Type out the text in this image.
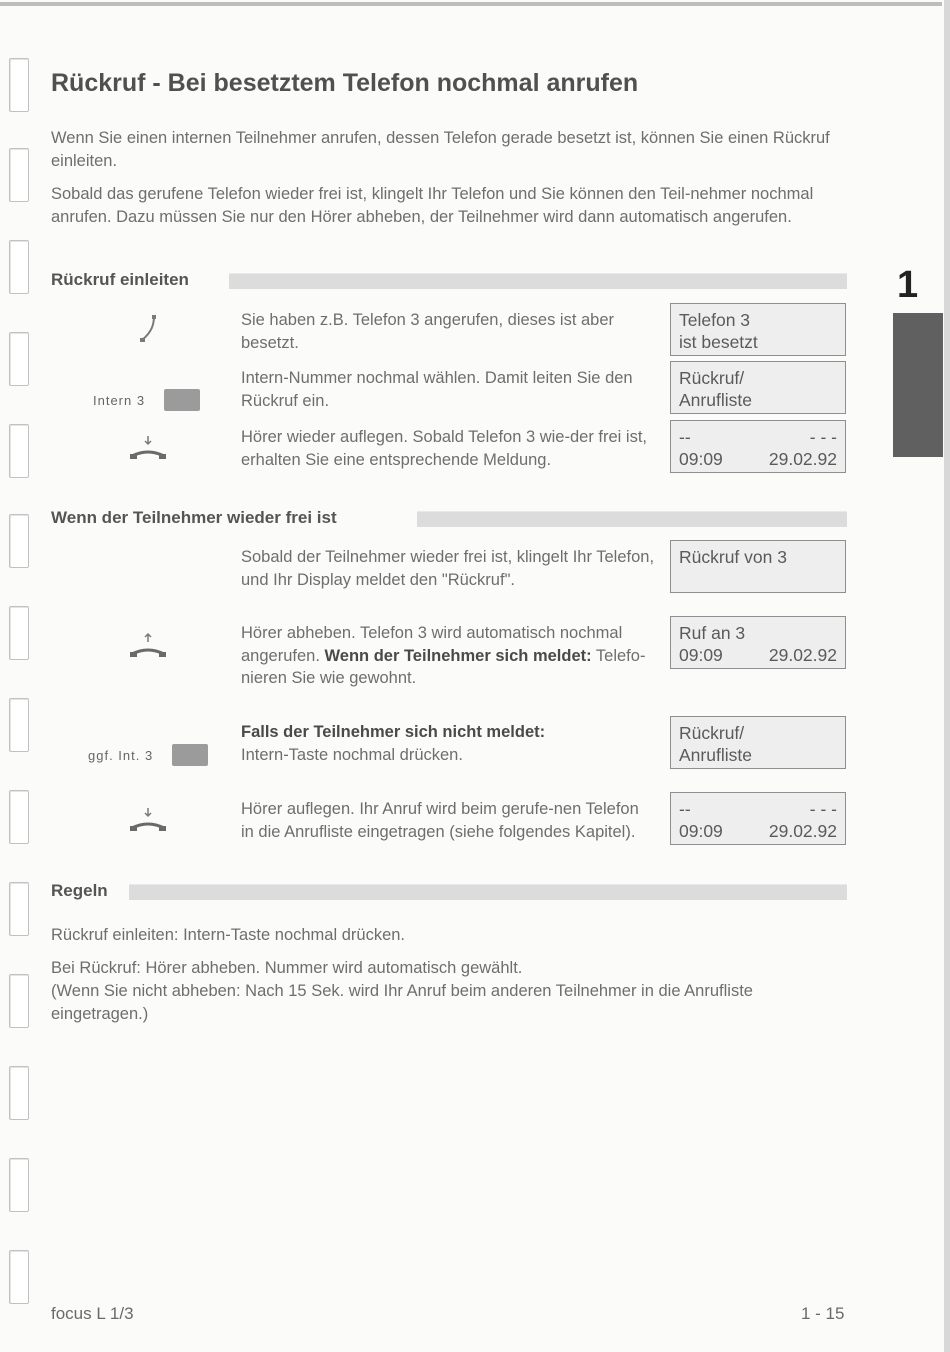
Rückruf - Bei besetztem Telefon nochmal anrufen
Wenn Sie einen internen Teilnehmer anrufen, dessen Telefon gerade besetzt ist, können Sie einen Rückruf einleiten.
Sobald das gerufene Telefon wieder frei ist, klingelt Ihr Telefon und Sie können den Teil-nehmer nochmal anrufen. Dazu müssen Sie nur den Hörer abheben, der Teilnehmer wird dann automatisch angerufen.
1
Rückruf einleiten
Sie haben z.B. Telefon 3 angerufen, dieses ist aber besetzt.
Telefon 3
ist besetzt
Intern 3
Intern-Nummer nochmal wählen. Damit leiten Sie den Rückruf ein.
Rückruf/
Anrufliste
Hörer wieder auflegen. Sobald Telefon 3 wie-der frei ist, erhalten Sie eine entsprechende Meldung.
--	- - -
09:09	29.02.92
Wenn der Teilnehmer wieder frei ist
Sobald der Teilnehmer wieder frei ist, klingelt Ihr Telefon, und Ihr Display meldet den "Rückruf".
Rückruf von 3
Hörer abheben. Telefon 3 wird automatisch nochmal angerufen. Wenn der Teilnehmer sich meldet: Telefo-nieren Sie wie gewohnt.
Ruf an 3
09:09	29.02.92
ggf. Int. 3
Falls der Teilnehmer sich nicht meldet:
Intern-Taste nochmal drücken.
Rückruf/
Anrufliste
Hörer auflegen. Ihr Anruf wird beim gerufe-nen Telefon in die Anrufliste eingetragen (siehe folgendes Kapitel).
--	- - -
09:09	29.02.92
Regeln
Rückruf einleiten: Intern-Taste nochmal drücken.
Bei Rückruf: Hörer abheben. Nummer wird automatisch gewählt.
(Wenn Sie nicht abheben: Nach 15 Sek. wird Ihr Anruf beim anderen Teilnehmer in die Anrufliste eingetragen.)
focus L 1/3	1 - 15
